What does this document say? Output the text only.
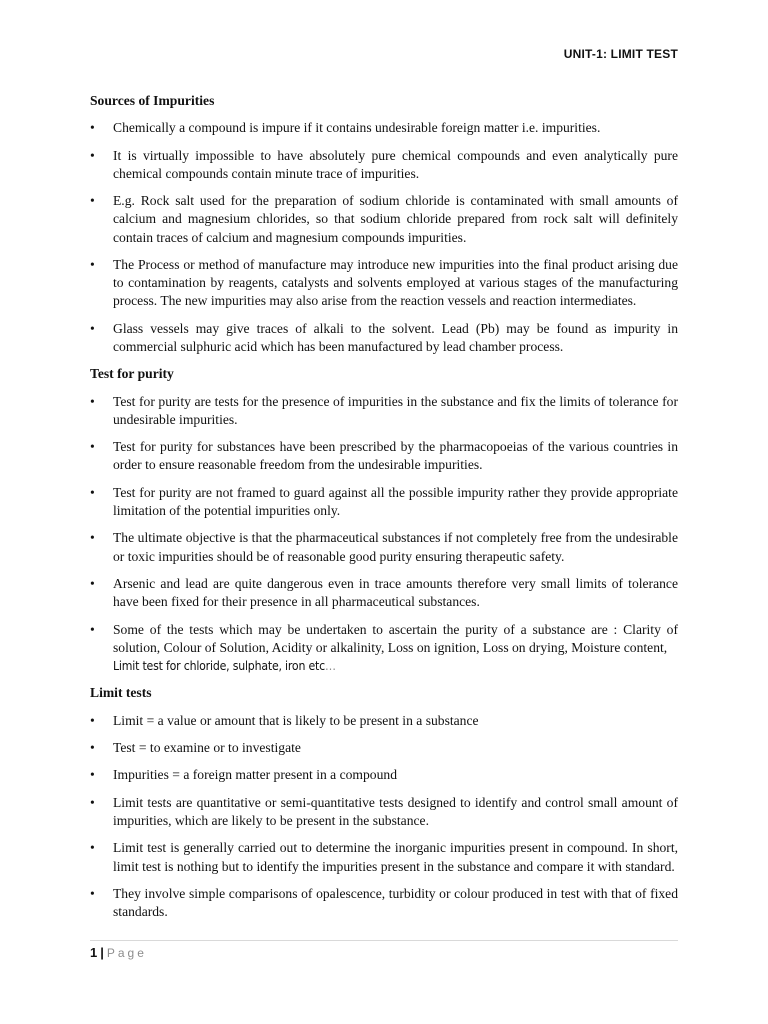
UNIT-1: LIMIT TEST
Sources of Impurities
• Chemically a compound is impure if it contains undesirable foreign matter i.e. impurities.
• It is virtually impossible to have absolutely pure chemical compounds and even analytically pure chemical compounds contain minute trace of impurities.
• E.g. Rock salt used for the preparation of sodium chloride is contaminated with small amounts of calcium and magnesium chlorides, so that sodium chloride prepared from rock salt will definitely contain traces of calcium and magnesium compounds impurities.
• The Process or method of manufacture may introduce new impurities into the final product arising due to contamination by reagents, catalysts and solvents employed at various stages of the manufacturing process. The new impurities may also arise from the reaction vessels and reaction intermediates.
• Glass vessels may give traces of alkali to the solvent. Lead (Pb) may be found as impurity in commercial sulphuric acid which has been manufactured by lead chamber process.
Test for purity
• Test for purity are tests for the presence of impurities in the substance and fix the limits of tolerance for undesirable impurities.
• Test for purity for substances have been prescribed by the pharmacopoeias of the various countries in order to ensure reasonable freedom from the undesirable impurities.
• Test for purity are not framed to guard against all the possible impurity rather they provide appropriate limitation of the potential impurities only.
• The ultimate objective is that the pharmaceutical substances if not completely free from the undesirable or toxic impurities should be of reasonable good purity ensuring therapeutic safety.
• Arsenic and lead are quite dangerous even in trace amounts therefore very small limits of tolerance have been fixed for their presence in all pharmaceutical substances.
• Some of the tests which may be undertaken to ascertain the purity of a substance are : Clarity of solution, Colour of Solution, Acidity or alkalinity, Loss on ignition, Loss on drying, Moisture content,
Limit test for chloride, sulphate, iron etc…
Limit tests
• Limit = a value or amount that is likely to be present in a substance
• Test = to examine or to investigate
• Impurities = a foreign matter present in a compound
• Limit tests are quantitative or semi-quantitative tests designed to identify and control small amount of impurities, which are likely to be present in the substance.
• Limit test is generally carried out to determine the inorganic impurities present in compound. In short, limit test is nothing but to identify the impurities present in the substance and compare it with standard.
• They involve simple comparisons of opalescence, turbidity or colour produced in test with that of fixed standards.
1 | Page
